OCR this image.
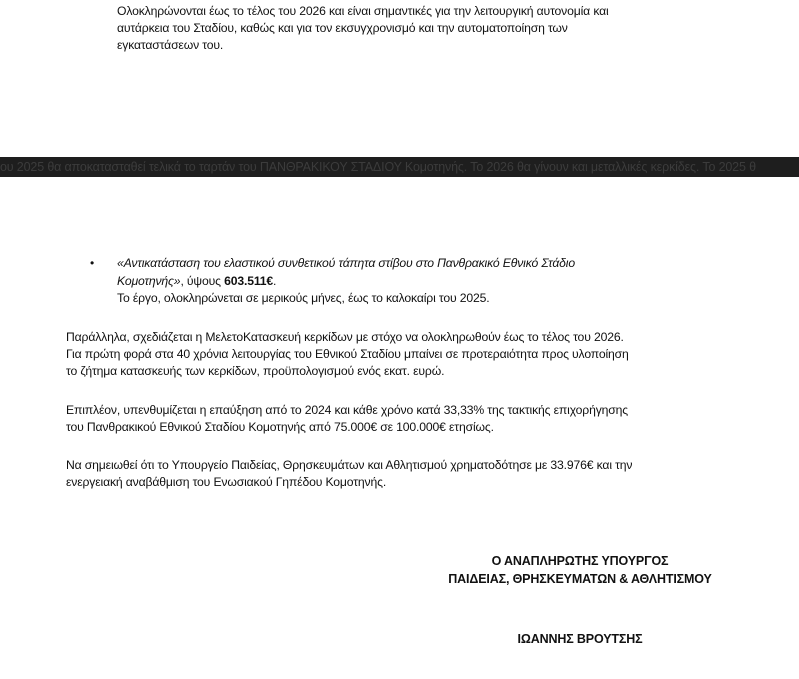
Ολοκληρώνονται έως το τέλος του 2026 και είναι σημαντικές για την λειτουργική αυτονομία και

αυτάρκεια του Σταδίου, καθώς και για τον εκσυγχρονισμό και την αυτοματοποίηση των

εγκαταστάσεων του.

ου 2025 θα αποκατασταθεί τελικά το ταρτάν του ΠΑΝΘΡΑΚΙΚΟΥ ΣΤΑΔΙΟΥ Κομοτηνής. Το 2026 θα γίνουν και μεταλλικές κερκίδες. Το 2025 θ
• «Αντικατάσταση του ελαστικού συνθετικού τάπητα στίβου στο Πανθρακικό Εθνικό Στάδιο

Κομοτηνής», ύψους 603.511€.

Το έργο, ολοκληρώνεται σε μερικούς μήνες, έως το καλοκαίρι του 2025.

Παράλληλα, σχεδιάζεται η ΜελετοΚατασκευή κερκίδων με στόχο να ολοκληρωθούν έως το τέλος του 2026.

Για πρώτη φορά στα 40 χρόνια λειτουργίας του Εθνικού Σταδίου μπαίνει σε προτεραιότητα προς υλοποίηση

το ζήτημα κατασκευής των κερκίδων, προϋπολογισμού ενός εκατ. ευρώ.

Επιπλέον, υπενθυμίζεται η επαύξηση από το 2024 και κάθε χρόνο κατά 33,33% της τακτικής επιχορήγησης

του Πανθρακικού Εθνικού Σταδίου Κομοτηνής από 75.000€ σε 100.000€ ετησίως.

Να σημειωθεί ότι το Υπουργείο Παιδείας, Θρησκευμάτων και Αθλητισμού χρηματοδότησε με 33.976€ και την

ενεργειακή αναβάθμιση του Ενωσιακού Γηπέδου Κομοτηνής.

Ο ΑΝΑΠΛΗΡΩΤΗΣ ΥΠΟΥΡΓΟΣ
ΠΑΙΔΕΙΑΣ, ΘΡΗΣΚΕΥΜΑΤΩΝ & ΑΘΛΗΤΙΣΜΟΥ
ΙΩΑΝΝΗΣ ΒΡΟΥΤΣΗΣ
